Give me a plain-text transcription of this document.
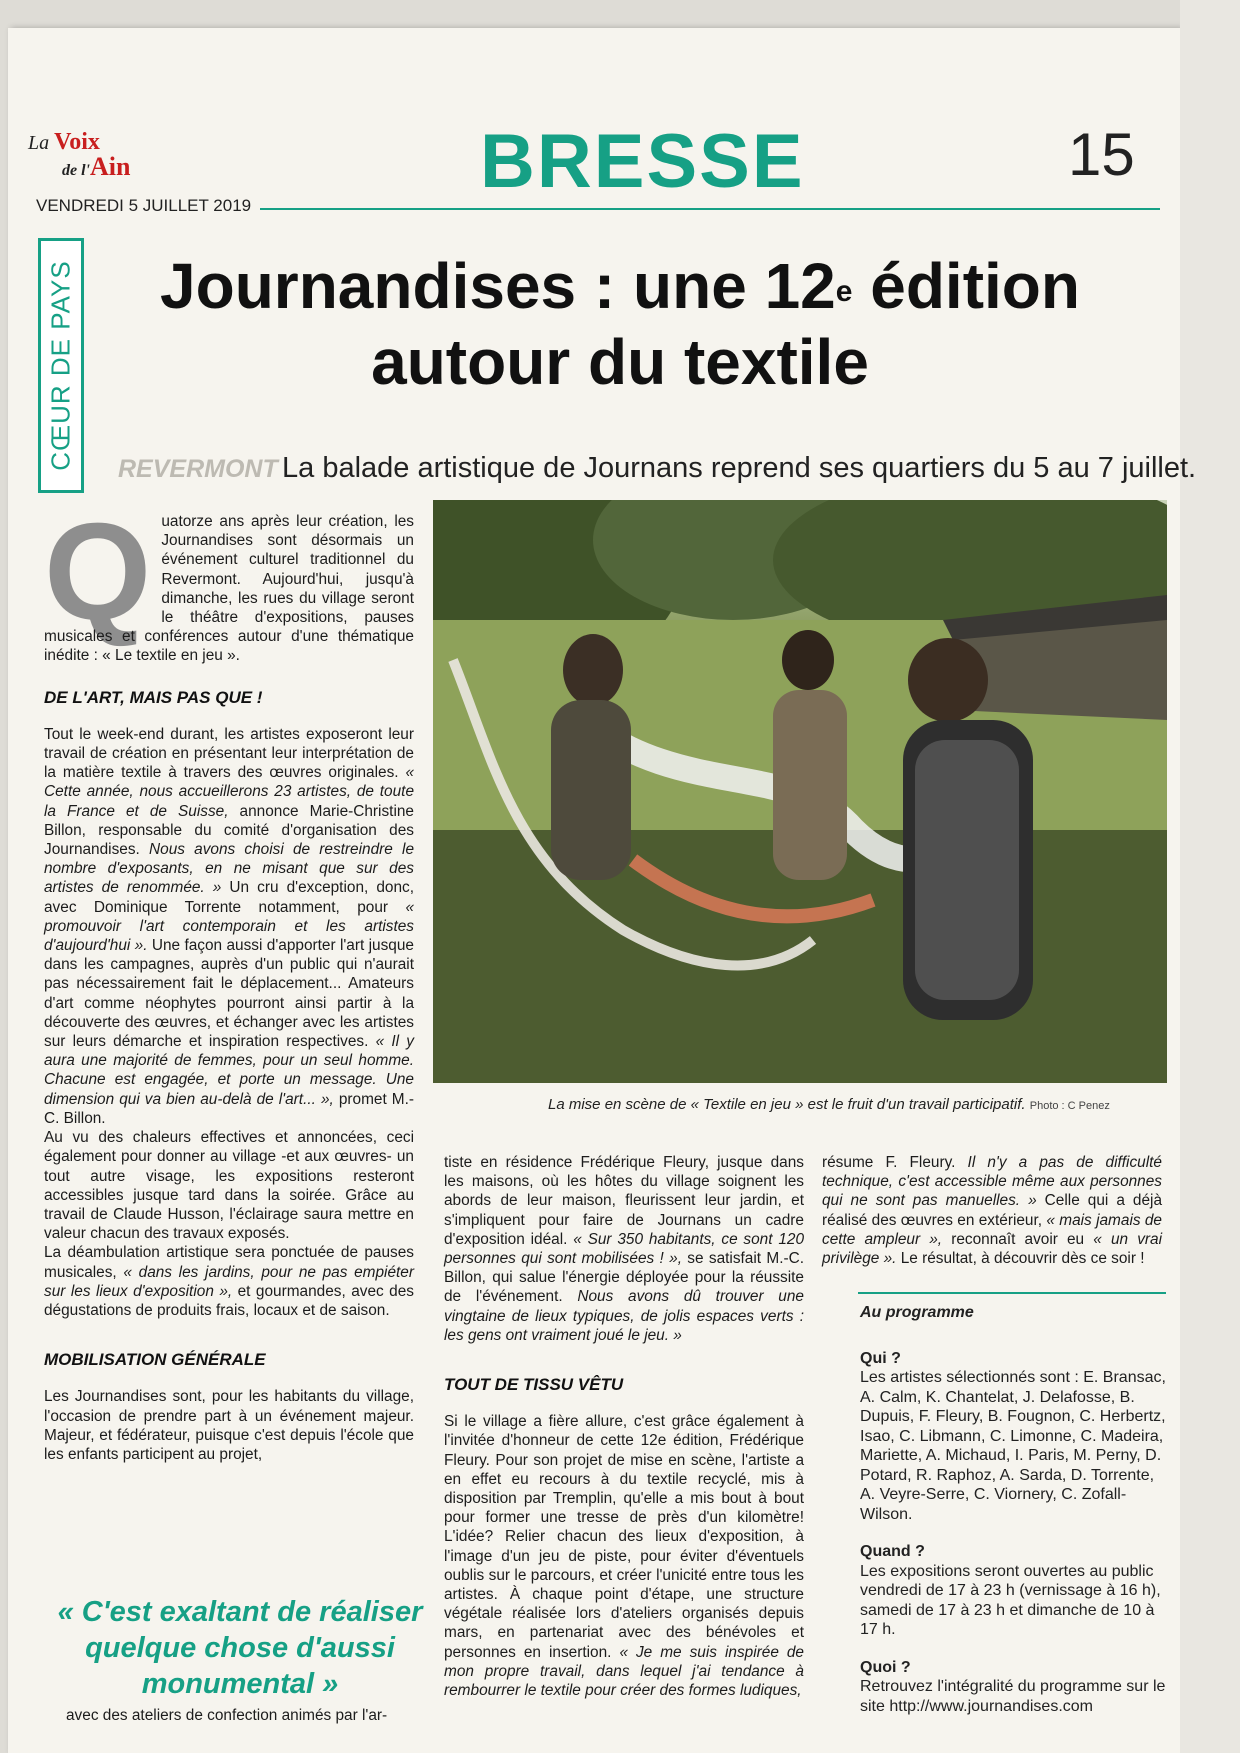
La Voix
de l'Ain	BRESSE	15
VENDREDI 5 JUILLET 2019
CŒUR DE PAYS	Journandises : une 12e édition
autour du textile
REVERMONT La balade artistique de Journans reprend ses quartiers du 5 au 7 juillet.

Quatorze ans après leur création, les Journandises sont désormais un événement culturel traditionnel du Revermont. Aujourd'hui, jusqu'à dimanche, les rues du village seront le théâtre d'expositions, pauses musicales et conférences autour d'une thématique inédite : « Le textile en jeu ».

DE L'ART, MAIS PAS QUE !

Tout le week-end durant, les artistes exposeront leur travail de création en présentant leur interprétation de la matière textile à travers des œuvres originales. « Cette année, nous accueillerons 23 artistes, de toute la France et de Suisse, annonce Marie-Christine Billon, responsable du comité d'organisation des Journandises. Nous avons choisi de restreindre le nombre d'exposants, en ne misant que sur des artistes de renommée. » Un cru d'exception, donc, avec Dominique Torrente notamment, pour « promouvoir l'art contemporain et les artistes d'aujourd'hui ». Une façon aussi d'apporter l'art jusque dans les campagnes, auprès d'un public qui n'aurait pas nécessairement fait le déplacement... Amateurs d'art comme néophytes pourront ainsi partir à la découverte des œuvres, et échanger avec les artistes sur leurs démarche et inspiration respectives. « Il y aura une majorité de femmes, pour un seul homme. Chacune est engagée, et porte un message. Une dimension qui va bien au-delà de l'art... », promet M.-C. Billon.

Au vu des chaleurs effectives et annoncées, ceci également pour donner au village -et aux œuvres- un tout autre visage, les expositions resteront accessibles jusque tard dans la soirée. Grâce au travail de Claude Husson, l'éclairage saura mettre en valeur chacun des travaux exposés.

La déambulation artistique sera ponctuée de pauses musicales, « dans les jardins, pour ne pas empiéter sur les lieux d'exposition », et gourmandes, avec des dégustations de produits frais, locaux et de saison.

MOBILISATION GÉNÉRALE

Les Journandises sont, pour les habitants du village, l'occasion de prendre part à un événement majeur. Majeur, et fédérateur, puisque c'est depuis l'école que les enfants participent au projet,

« C'est exaltant de réaliser quelque chose d'aussi monumental »

avec des ateliers de confection animés par l'ar-

La mise en scène de « Textile en jeu » est le fruit d'un travail participatif. Photo : C Penez

tiste en résidence Frédérique Fleury, jusque dans les maisons, où les hôtes du village soignent les abords de leur maison, fleurissent leur jardin, et s'impliquent pour faire de Journans un cadre d'exposition idéal. « Sur 350 habitants, ce sont 120 personnes qui sont mobilisées ! », se satisfait M.-C. Billon, qui salue l'énergie déployée pour la réussite de l'événement. Nous avons dû trouver une vingtaine de lieux typiques, de jolis espaces verts : les gens ont vraiment joué le jeu. »

TOUT DE TISSU VÊTU

Si le village a fière allure, c'est grâce également à l'invitée d'honneur de cette 12e édition, Frédérique Fleury. Pour son projet de mise en scène, l'artiste a en effet eu recours à du textile recyclé, mis à disposition par Tremplin, qu'elle a mis bout à bout pour former une tresse de près d'un kilomètre! L'idée? Relier chacun des lieux d'exposition, à l'image d'un jeu de piste, pour éviter d'éventuels oublis sur le parcours, et créer l'unicité entre tous les artistes. À chaque point d'étape, une structure végétale réalisée lors d'ateliers organisés depuis mars, en partenariat avec des bénévoles et personnes en insertion. « Je me suis inspirée de mon propre travail, dans lequel j'ai tendance à rembourrer le textile pour créer des formes ludiques,

résume F. Fleury. Il n'y a pas de difficulté technique, c'est accessible même aux personnes qui ne sont pas manuelles. » Celle qui a déjà réalisé des œuvres en extérieur, « mais jamais de cette ampleur », reconnaît avoir eu « un vrai privilège ». Le résultat, à découvrir dès ce soir !

Au programme
Qui ?
Les artistes sélectionnés sont : E. Bransac, A. Calm, K. Chantelat, J. Delafosse, B. Dupuis, F. Fleury, B. Fougnon, C. Herbertz, Isao, C. Libmann, C. Limonne, C. Madeira, Mariette, A. Michaud, I. Paris, M. Perny, D. Potard, R. Raphoz, A. Sarda, D. Torrente, A. Veyre-Serre, C. Viornery, C. Zofall-Wilson.
Quand ?
Les expositions seront ouvertes au public vendredi de 17 à 23 h (vernissage à 16 h), samedi de 17 à 23 h et dimanche de 10 à 17 h.
Quoi ?
Retrouvez l'intégralité du programme sur le site http://www.journandises.com
